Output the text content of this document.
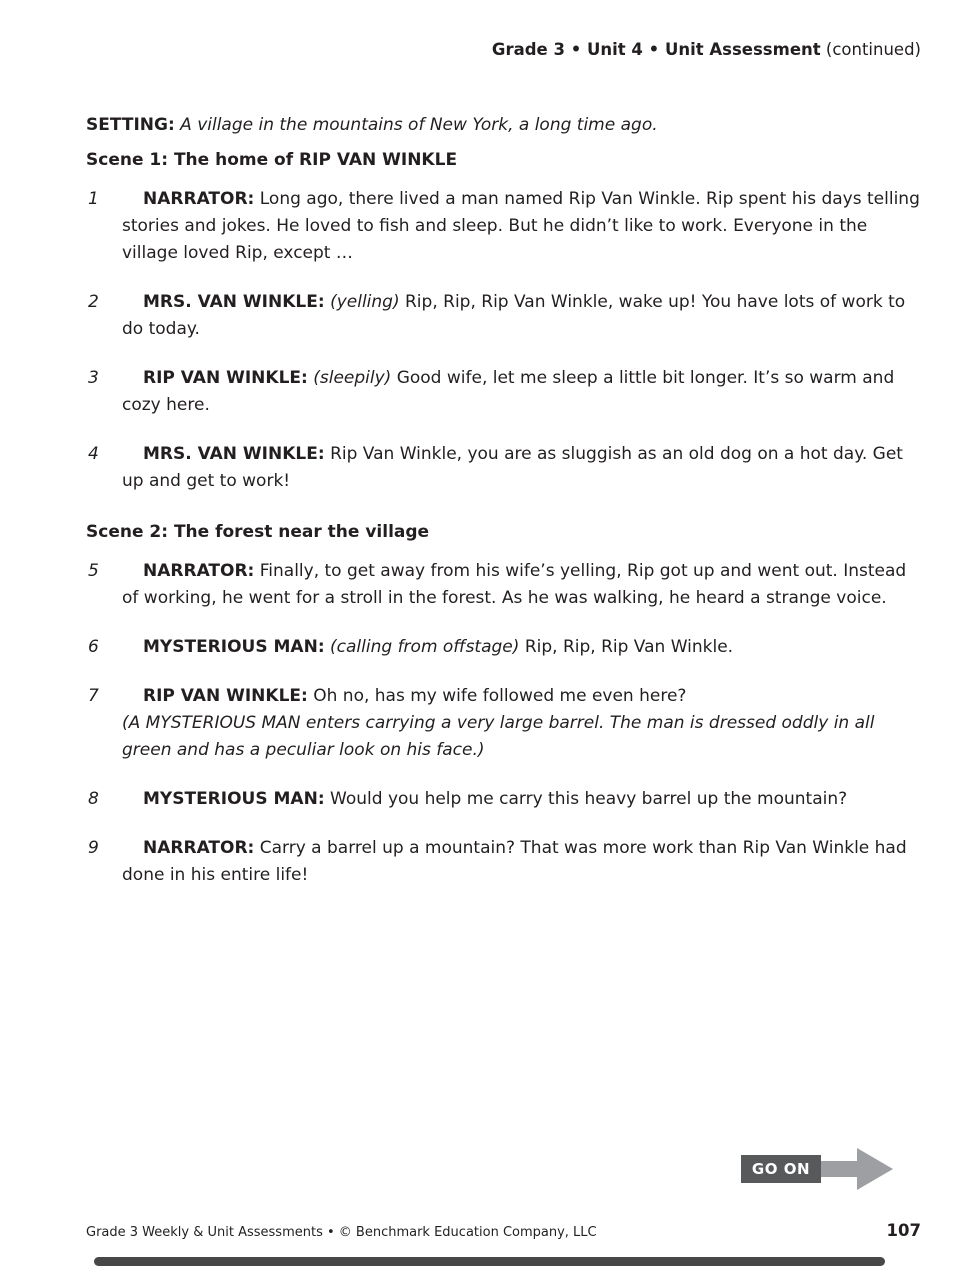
Grade 3 • Unit 4 • Unit Assessment (continued)
SETTING: A village in the mountains of New York, a long time ago.
Scene 1: The home of RIP VAN WINKLE
1	NARRATOR: Long ago, there lived a man named Rip Van Winkle. Rip spent his days telling stories and jokes. He loved to fish and sleep. But he didn’t like to work. Everyone in the village loved Rip, except …

2	MRS. VAN WINKLE: (yelling) Rip, Rip, Rip Van Winkle, wake up! You have lots of work to do today.

3	RIP VAN WINKLE: (sleepily) Good wife, let me sleep a little bit longer. It’s so warm and cozy here.

4	MRS. VAN WINKLE: Rip Van Winkle, you are as sluggish as an old dog on a hot day. Get up and get to work!

Scene 2: The forest near the village
5	NARRATOR: Finally, to get away from his wife’s yelling, Rip got up and went out. Instead of working, he went for a stroll in the forest. As he was walking, he heard a strange voice.

6	MYSTERIOUS MAN: (calling from offstage) Rip, Rip, Rip Van Winkle.

7	RIP VAN WINKLE: Oh no, has my wife followed me even here?

(A MYSTERIOUS MAN enters carrying a very large barrel. The man is dressed oddly in all green and has a peculiar look on his face.)
8	MYSTERIOUS MAN: Would you help me carry this heavy barrel up the mountain?

9	NARRATOR: Carry a barrel up a mountain? That was more work than Rip Van Winkle had done in his entire life!

GO ON
Grade 3 Weekly & Unit Assessments • © Benchmark Education Company, LLC	107
